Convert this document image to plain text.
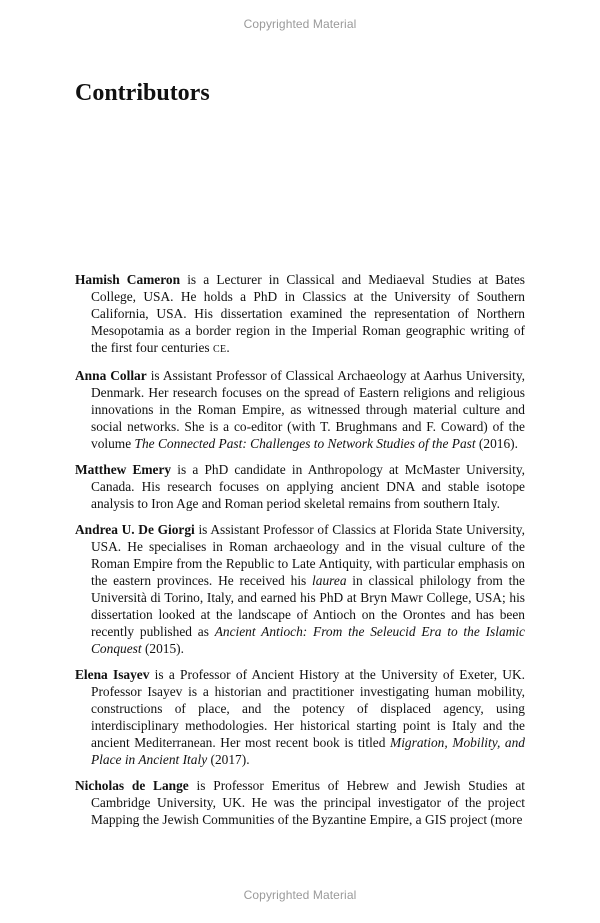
Copyrighted Material
Contributors

Hamish Cameron is a Lecturer in Classical and Mediaeval Studies at Bates College, USA. He holds a PhD in Classics at the University of Southern California, USA. His dissertation examined the representation of Northern Mesopotamia as a border region in the Imperial Roman geographic writing of the first four centuries CE.

Anna Collar is Assistant Professor of Classical Archaeology at Aarhus University, Denmark. Her research focuses on the spread of Eastern religions and religious innovations in the Roman Empire, as witnessed through material culture and social networks. She is a co-editor (with T. Brughmans and F. Coward) of the volume The Connected Past: Challenges to Network Studies of the Past (2016).

Matthew Emery is a PhD candidate in Anthropology at McMaster University, Canada. His research focuses on applying ancient DNA and stable isotope analysis to Iron Age and Roman period skeletal remains from southern Italy.

Andrea U. De Giorgi is Assistant Professor of Classics at Florida State University, USA. He specialises in Roman archaeology and in the visual culture of the Roman Empire from the Republic to Late Antiquity, with particular emphasis on the eastern provinces. He received his laurea in classical philology from the Università di Torino, Italy, and earned his PhD at Bryn Mawr College, USA; his dissertation looked at the landscape of Antioch on the Orontes and has been recently published as Ancient Antioch: From the Seleucid Era to the Islamic Conquest (2015).

Elena Isayev is a Professor of Ancient History at the University of Exeter, UK. Professor Isayev is a historian and practitioner investigating human mobility, constructions of place, and the potency of displaced agency, using interdisciplinary methodologies. Her historical starting point is Italy and the ancient Mediterranean. Her most recent book is titled Migration, Mobility, and Place in Ancient Italy (2017).

Nicholas de Lange is Professor Emeritus of Hebrew and Jewish Studies at Cambridge University, UK. He was the principal investigator of the project Mapping the Jewish Communities of the Byzantine Empire, a GIS project (more

Copyrighted Material
